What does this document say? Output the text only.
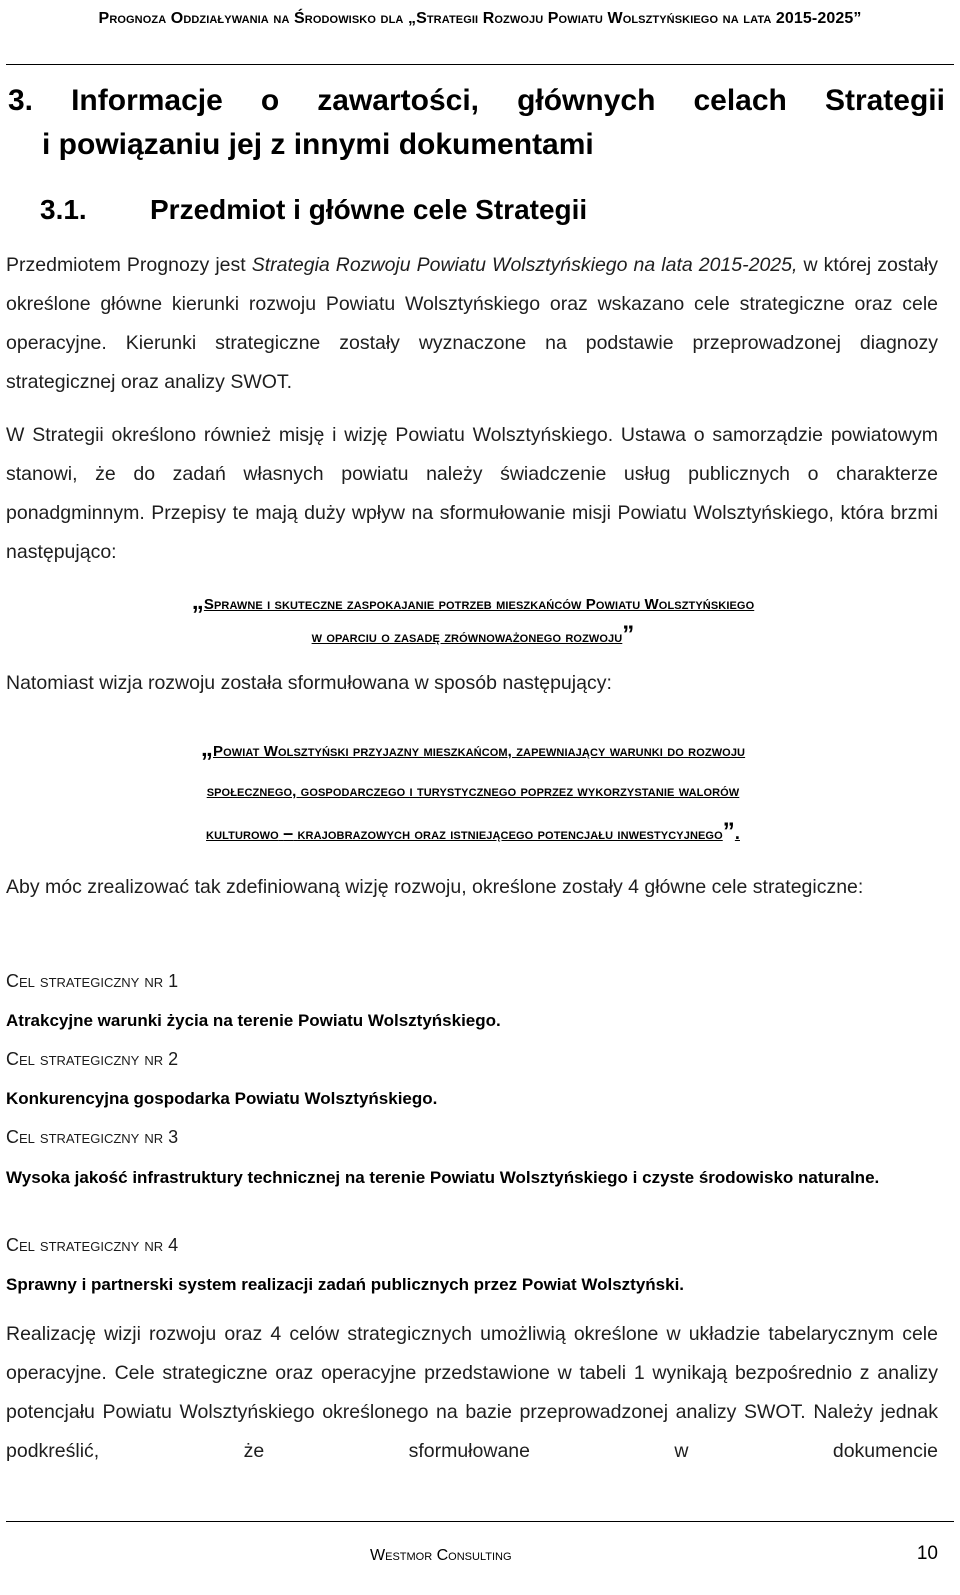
Prognoza Oddziaływania na Środowisko dla „Strategii Rozwoju Powiatu Wolsztyńskiego na lata 2015-2025”
3. Informacje o zawartości, głównych celach Strategii
i powiązaniu jej z innymi dokumentami
3.1. Przedmiot i główne cele Strategii
Przedmiotem Prognozy jest Strategia Rozwoju Powiatu Wolsztyńskiego na lata 2015-2025, w której zostały określone główne kierunki rozwoju Powiatu Wolsztyńskiego oraz wskazano cele strategiczne oraz cele operacyjne. Kierunki strategiczne zostały wyznaczone na podstawie przeprowadzonej diagnozy strategicznej oraz analizy SWOT.
W Strategii określono również misję i wizję Powiatu Wolsztyńskiego. Ustawa o samorządzie powiatowym stanowi, że do zadań własnych powiatu należy świadczenie usług publicznych o charakterze ponadgminnym. Przepisy te mają duży wpływ na sformułowanie misji Powiatu Wolsztyńskiego, która brzmi następująco:
„Sprawne i skuteczne zaspokajanie potrzeb mieszkańców Powiatu Wolsztyńskiego
w oparciu o zasadę zrównoważonego rozwoju”
Natomiast wizja rozwoju została sformułowana w sposób następujący:
„Powiat Wolsztyński przyjazny mieszkańcom, zapewniający warunki do rozwoju
społecznego, gospodarczego i turystycznego poprzez wykorzystanie walorów
kulturowo – krajobrazowych oraz istniejącego potencjału inwestycyjnego”.
Aby móc zrealizować tak zdefiniowaną wizję rozwoju, określone zostały 4 główne cele strategiczne:
Cel strategiczny nr 1
Atrakcyjne warunki życia na terenie Powiatu Wolsztyńskiego.
Cel strategiczny nr 2
Konkurencyjna gospodarka Powiatu Wolsztyńskiego.
Cel strategiczny nr 3
Wysoka jakość infrastruktury technicznej na terenie Powiatu Wolsztyńskiego i czyste środowisko naturalne.
Cel strategiczny nr 4
Sprawny i partnerski system realizacji zadań publicznych przez Powiat Wolsztyński.
Realizację wizji rozwoju oraz 4 celów strategicznych umożliwią określone w układzie tabelarycznym cele operacyjne. Cele strategiczne oraz operacyjne przedstawione w tabeli 1 wynikają bezpośrednio z analizy potencjału Powiatu Wolsztyńskiego określonego na bazie przeprowadzonej analizy SWOT. Należy jednak podkreślić, że sformułowane w dokumencie
Westmor Consulting	10
